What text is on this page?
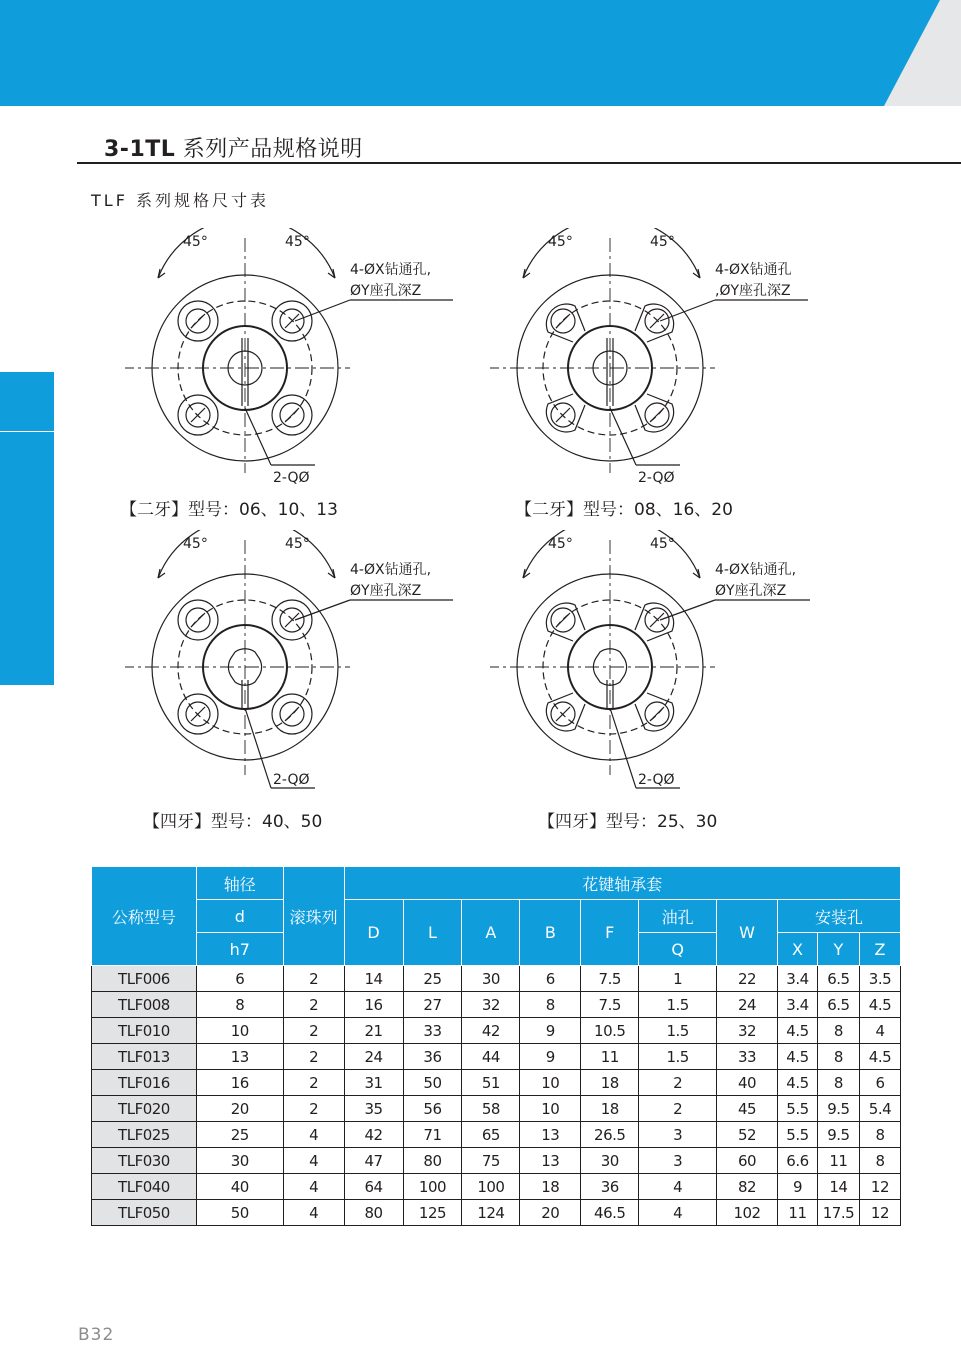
3-1TL 系列产品规格说明
TLF 系列规格尺寸表
45°	45°
4-ØX钻通孔,
ØY座孔深Z
2-QØ
【二牙】型号：06、10、13
45°	45°
4-ØX钻通孔
,ØY座孔深Z
2-QØ
【二牙】型号：08、16、20
45°	45°
4-ØX钻通孔,
ØY座孔深Z
2-QØ
【四牙】型号：40、50
45°	45°
4-ØX钻通孔,
ØY座孔深Z
2-QØ
【四牙】型号：25、30
公称型号	轴径	滚珠列	花键轴承套									
	d		D	L	A	B	F	油孔	W	安装孔		
	h7							Q		X	Y	Z
TLF006	6	2	14	25	30	6	7.5	1	22	3.4	6.5	3.5
TLF008	8	2	16	27	32	8	7.5	1.5	24	3.4	6.5	4.5
TLF010	10	2	21	33	42	9	10.5	1.5	32	4.5	8	4
TLF013	13	2	24	36	44	9	11	1.5	33	4.5	8	4.5
TLF016	16	2	31	50	51	10	18	2	40	4.5	8	6
TLF020	20	2	35	56	58	10	18	2	45	5.5	9.5	5.4
TLF025	25	4	42	71	65	13	26.5	3	52	5.5	9.5	8
TLF030	30	4	47	80	75	13	30	3	60	6.6	11	8
TLF040	40	4	64	100	100	18	36	4	82	9	14	12
TLF050	50	4	80	125	124	20	46.5	4	102	11	17.5	12
B32
